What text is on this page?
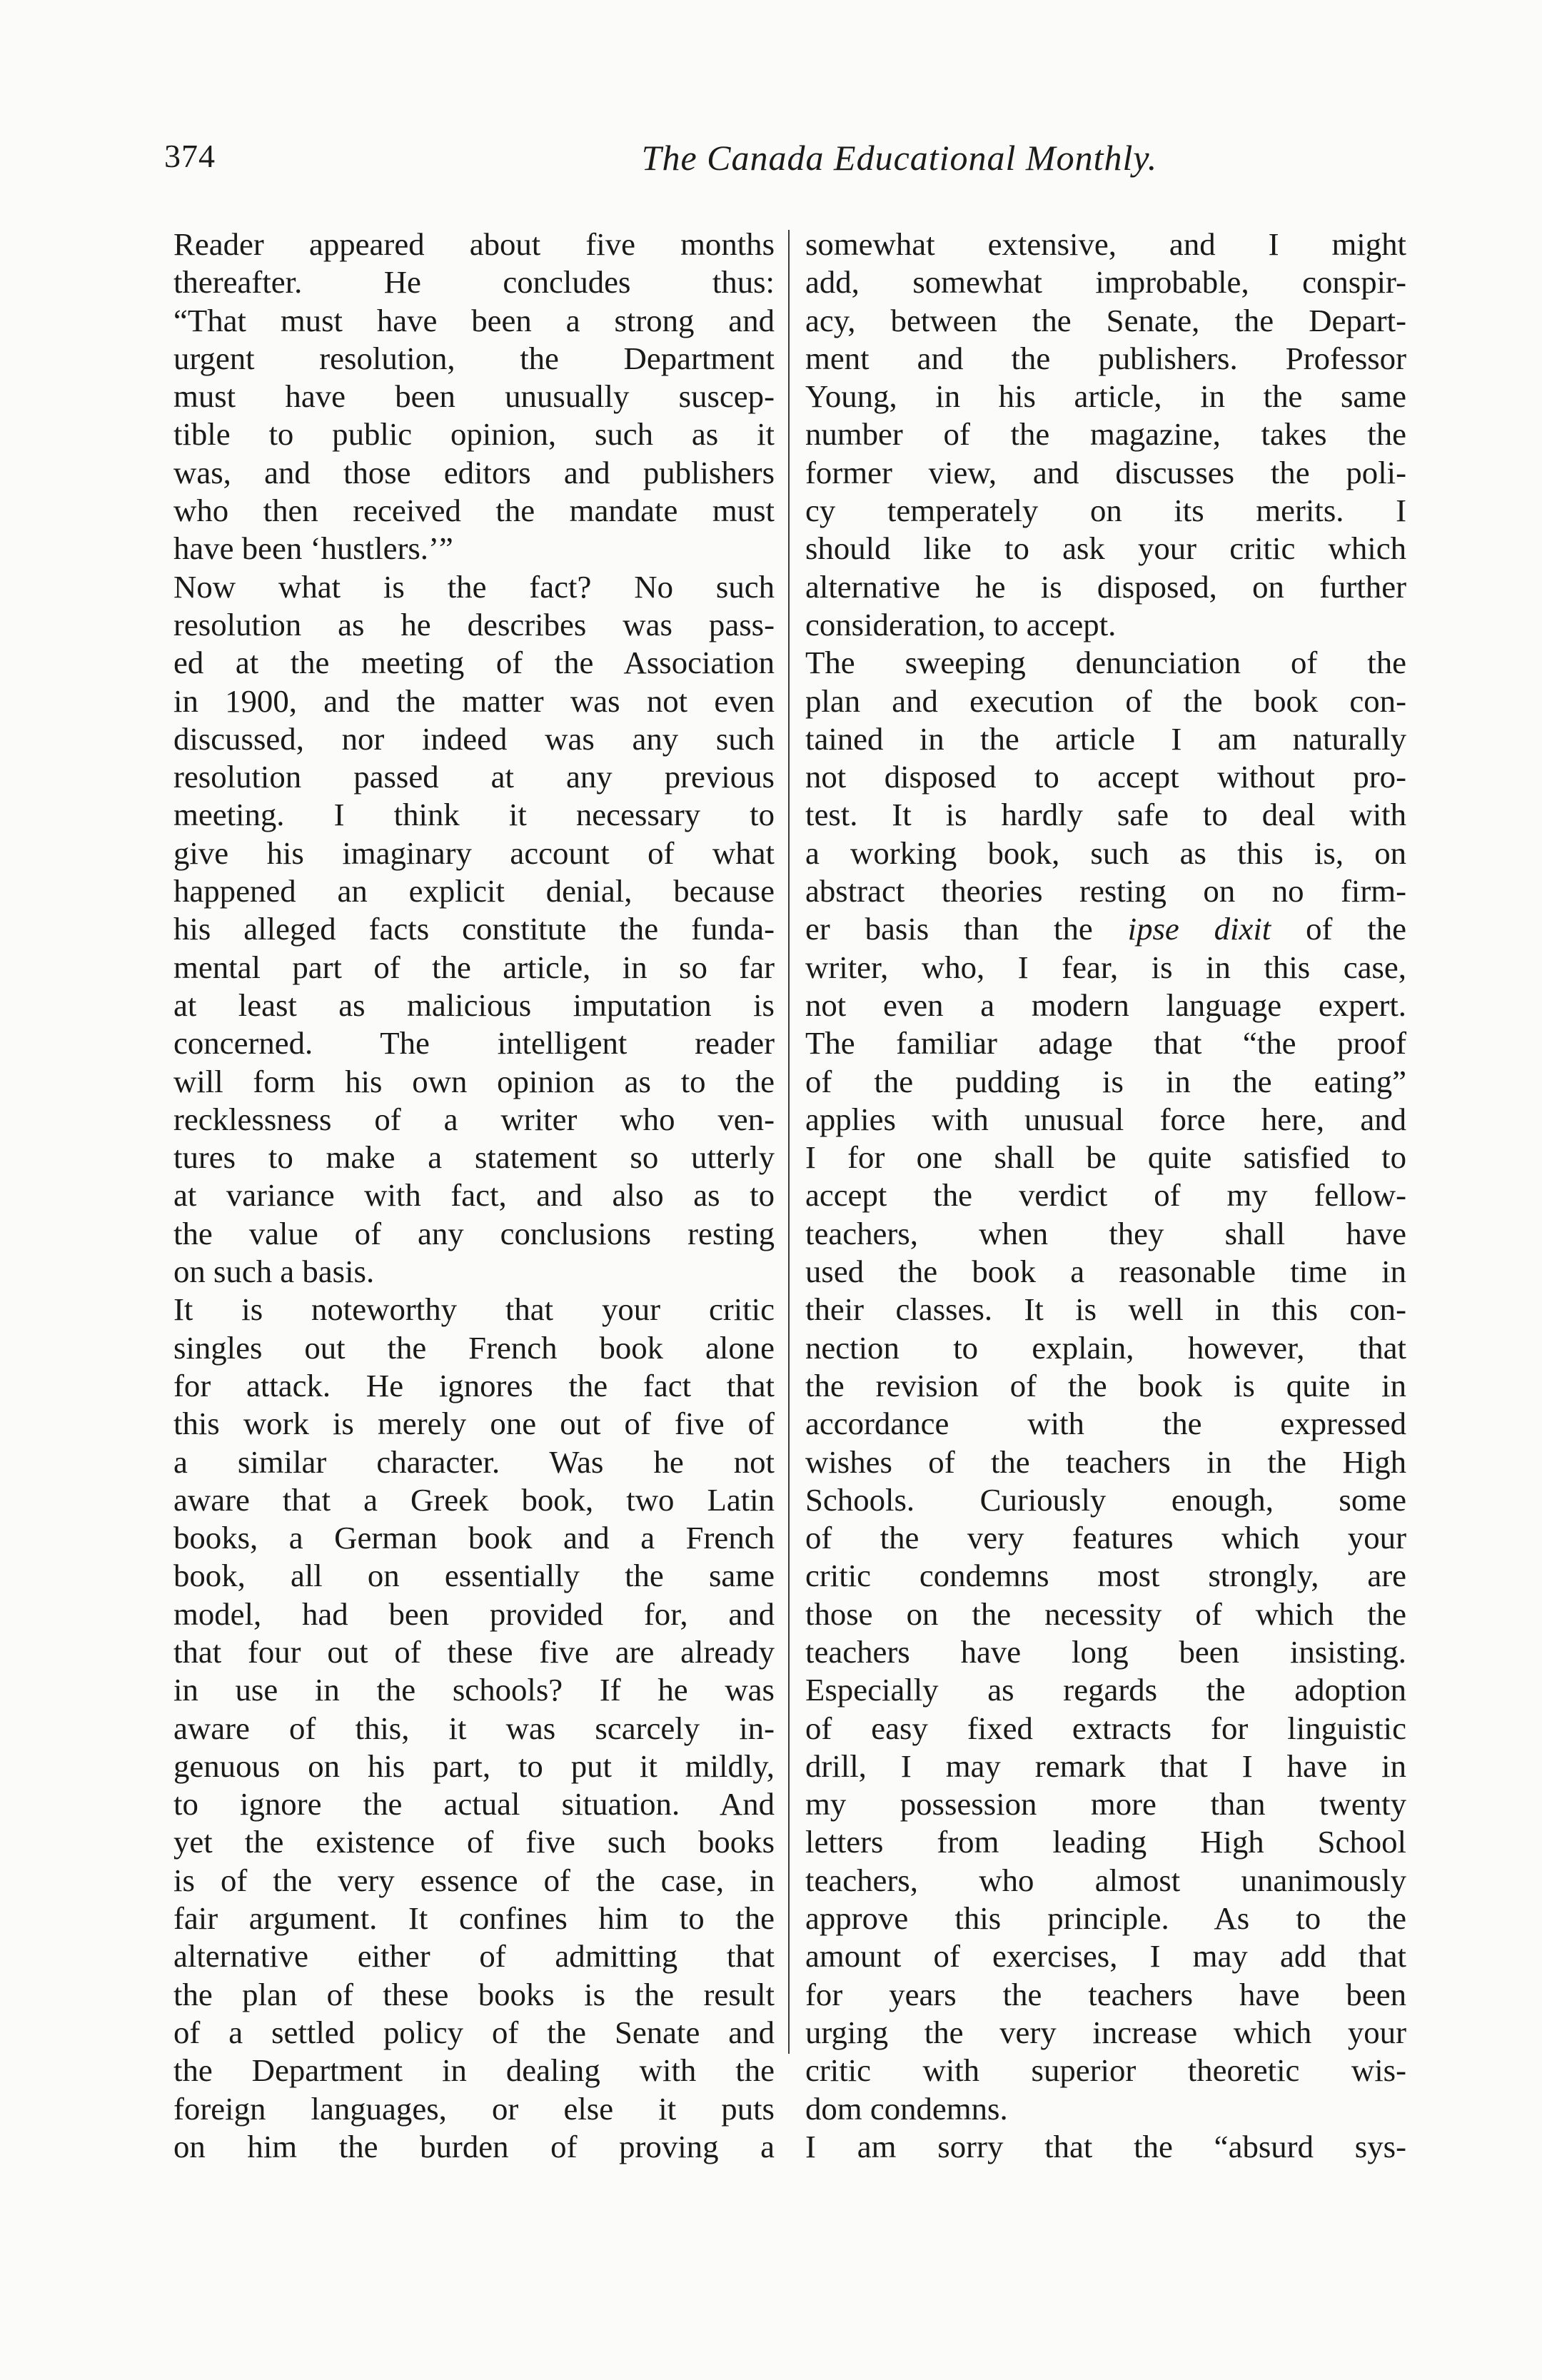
374	The Canada Educational Monthly.
Reader appeared about five months
thereafter. He concludes thus:
“That must have been a strong and
urgent resolution, the Department
must have been unusually suscep-
tible to public opinion, such as it
was, and those editors and publishers
who then received the mandate must
have been ‘hustlers.’”
Now what is the fact? No such
resolution as he describes was pass-
ed at the meeting of the Association
in 1900, and the matter was not even
discussed, nor indeed was any such
resolution passed at any previous
meeting. I think it necessary to
give his imaginary account of what
happened an explicit denial, because
his alleged facts constitute the funda-
mental part of the article, in so far
at least as malicious imputation is
concerned. The intelligent reader
will form his own opinion as to the
recklessness of a writer who ven-
tures to make a statement so utterly
at variance with fact, and also as to
the value of any conclusions resting
on such a basis.
It is noteworthy that your critic
singles out the French book alone
for attack. He ignores the fact that
this work is merely one out of five of
a similar character. Was he not
aware that a Greek book, two Latin
books, a German book and a French
book, all on essentially the same
model, had been provided for, and
that four out of these five are already
in use in the schools? If he was
aware of this, it was scarcely in-
genuous on his part, to put it mildly,
to ignore the actual situation. And
yet the existence of five such books
is of the very essence of the case, in
fair argument. It confines him to the
alternative either of admitting that
the plan of these books is the result
of a settled policy of the Senate and
the Department in dealing with the
foreign languages, or else it puts
on him the burden of proving a
somewhat extensive, and I might
add, somewhat improbable, conspir-
acy, between the Senate, the Depart-
ment and the publishers. Professor
Young, in his article, in the same
number of the magazine, takes the
former view, and discusses the poli-
cy temperately on its merits. I
should like to ask your critic which
alternative he is disposed, on further
consideration, to accept.
The sweeping denunciation of the
plan and execution of the book con-
tained in the article I am naturally
not disposed to accept without pro-
test. It is hardly safe to deal with
a working book, such as this is, on
abstract theories resting on no firm-
er basis than the ipse dixit of the
writer, who, I fear, is in this case,
not even a modern language expert.
The familiar adage that “the proof
of the pudding is in the eating”
applies with unusual force here, and
I for one shall be quite satisfied to
accept the verdict of my fellow-
teachers, when they shall have
used the book a reasonable time in
their classes. It is well in this con-
nection to explain, however, that
the revision of the book is quite in
accordance with the expressed
wishes of the teachers in the High
Schools. Curiously enough, some
of the very features which your
critic condemns most strongly, are
those on the necessity of which the
teachers have long been insisting.
Especially as regards the adoption
of easy fixed extracts for linguistic
drill, I may remark that I have in
my possession more than twenty
letters from leading High School
teachers, who almost unanimously
approve this principle. As to the
amount of exercises, I may add that
for years the teachers have been
urging the very increase which your
critic with superior theoretic wis-
dom condemns.
I am sorry that the “absurd sys-
